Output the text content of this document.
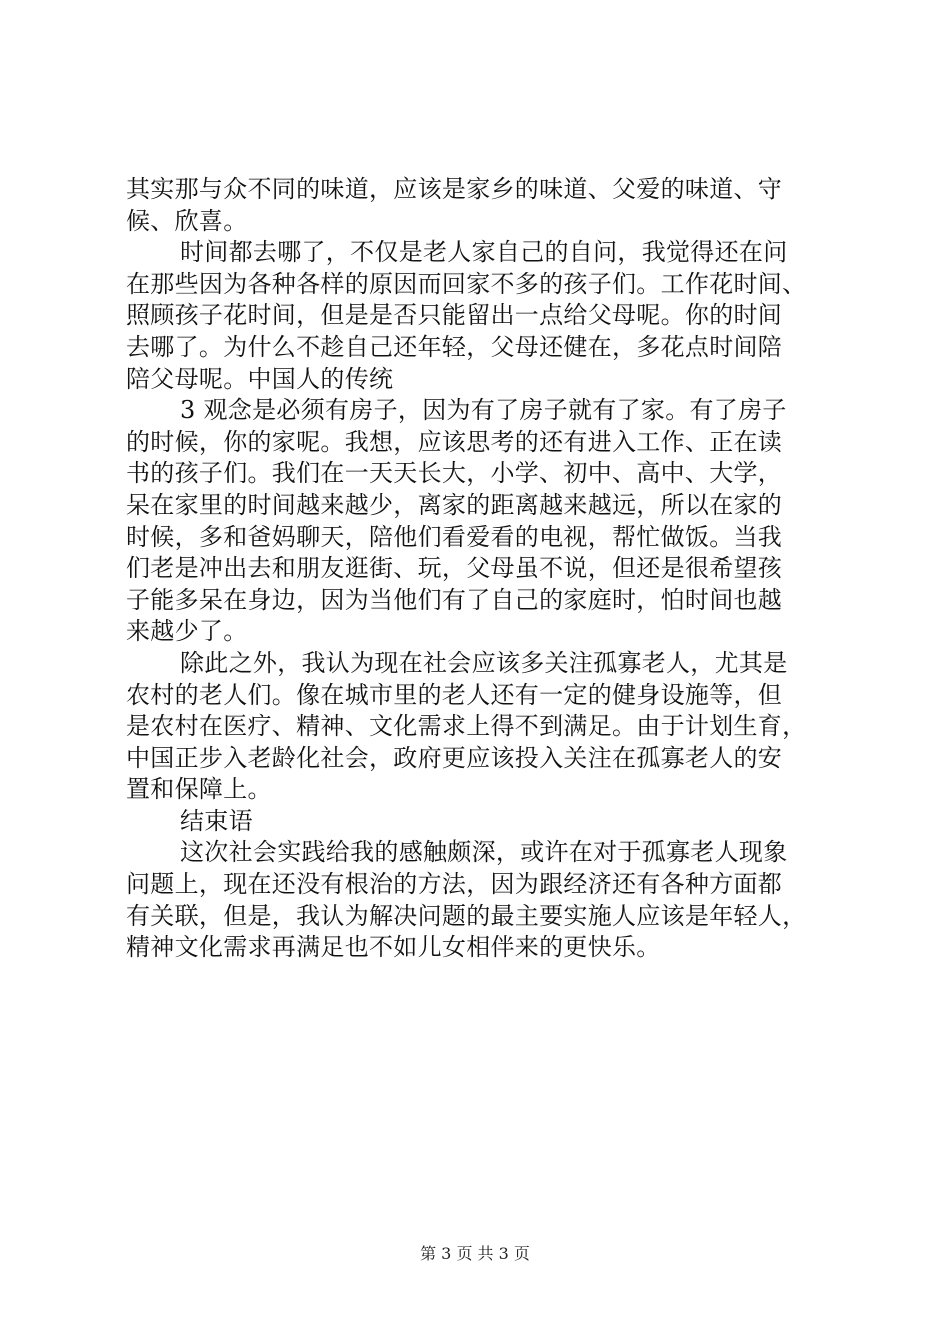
其实那与众不同的味道，应该是家乡的味道、父爱的味道、守
候、欣喜。
时间都去哪了，不仅是老人家自己的自问，我觉得还在问
在那些因为各种各样的原因而回家不多的孩子们。工作花时间、
照顾孩子花时间，但是是否只能留出一点给父母呢。你的时间
去哪了。为什么不趁自己还年轻，父母还健在，多花点时间陪
陪父母呢。中国人的传统
3 观念是必须有房子，因为有了房子就有了家。有了房子
的时候，你的家呢。我想，应该思考的还有进入工作、正在读
书的孩子们。我们在一天天长大，小学、初中、高中、大学，
呆在家里的时间越来越少，离家的距离越来越远，所以在家的
时候，多和爸妈聊天，陪他们看爱看的电视，帮忙做饭。当我
们老是冲出去和朋友逛街、玩，父母虽不说，但还是很希望孩
子能多呆在身边，因为当他们有了自己的家庭时，怕时间也越
来越少了。
除此之外，我认为现在社会应该多关注孤寡老人，尤其是
农村的老人们。像在城市里的老人还有一定的健身设施等，但
是农村在医疗、精神、文化需求上得不到满足。由于计划生育，
中国正步入老龄化社会，政府更应该投入关注在孤寡老人的安
置和保障上。
结束语
这次社会实践给我的感触颇深，或许在对于孤寡老人现象
问题上，现在还没有根治的方法，因为跟经济还有各种方面都
有关联，但是，我认为解决问题的最主要实施人应该是年轻人，
精神文化需求再满足也不如儿女相伴来的更快乐。
第 3 页 共 3 页
